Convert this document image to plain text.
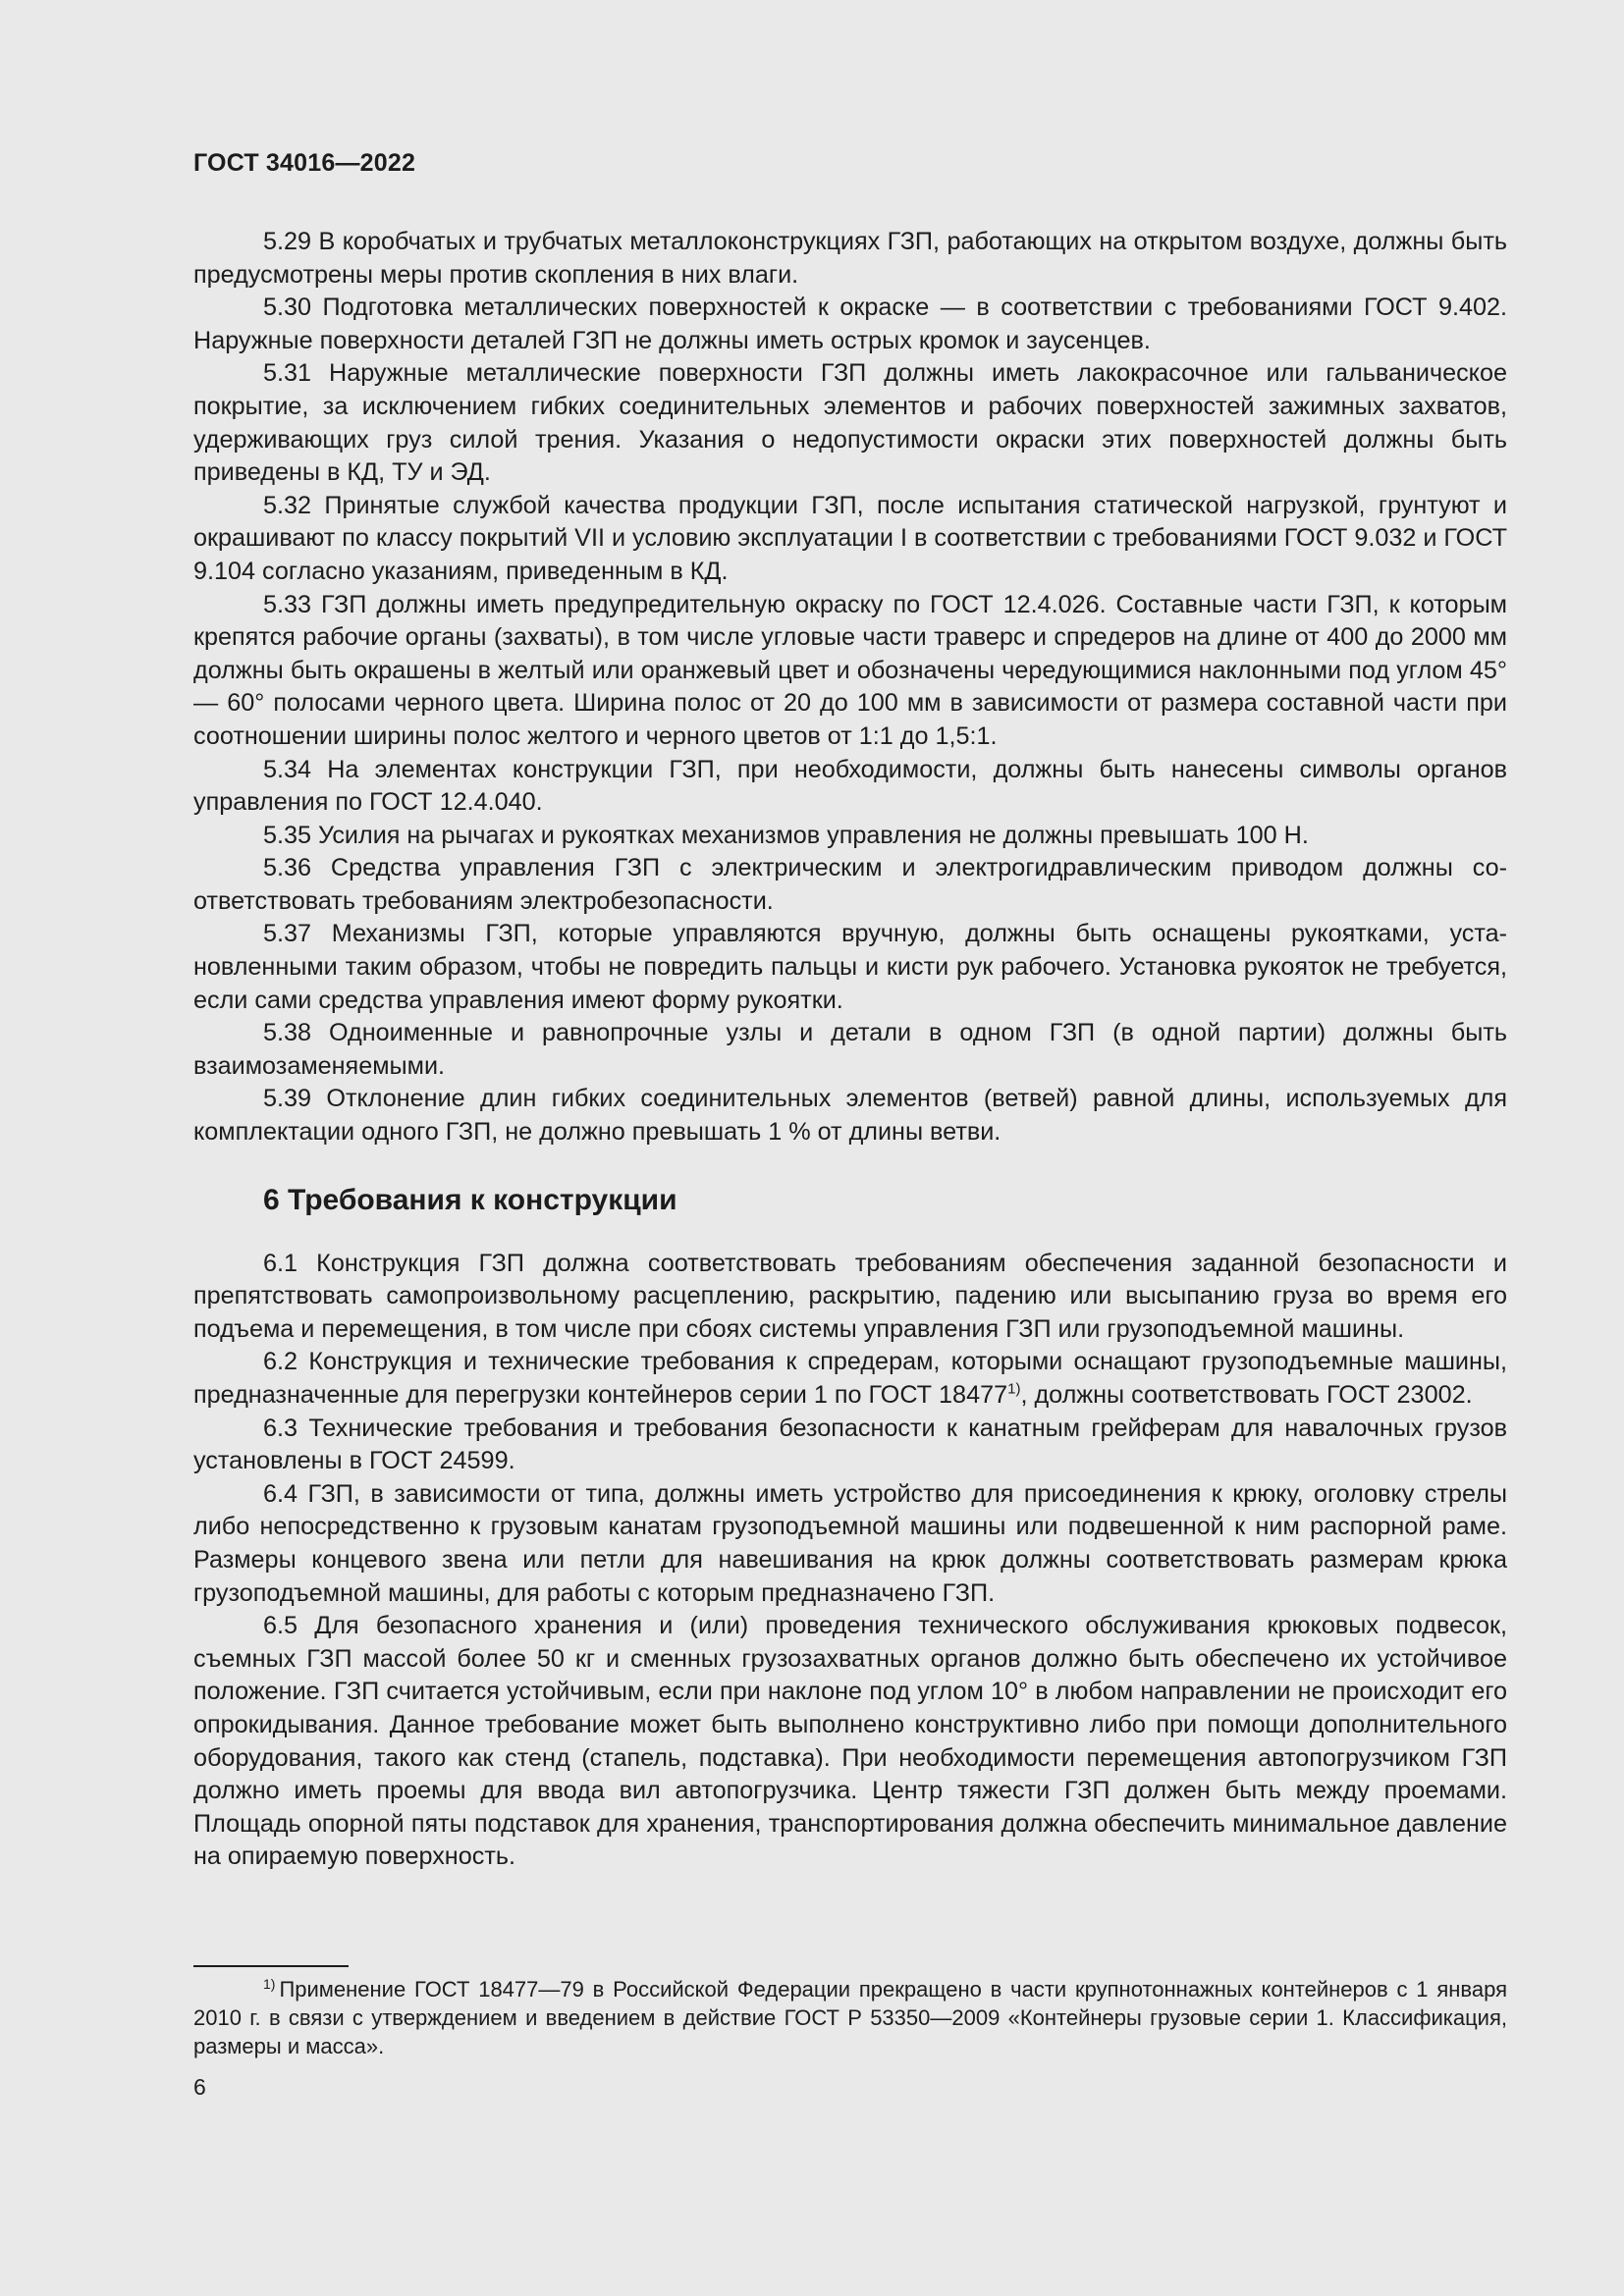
ГОСТ 34016—2022

5.29 В коробчатых и трубчатых металлоконструкциях ГЗП, работающих на открытом воздухе, должны быть предусмотрены меры против скопления в них влаги.

5.30 Подготовка металлических поверхностей к окраске — в соответствии с требованиями ГОСТ 9.402. Наружные поверхности деталей ГЗП не должны иметь острых кромок и заусенцев.

5.31 Наружные металлические поверхности ГЗП должны иметь лакокрасочное или гальваническое покрытие, за исключением гибких соединительных элементов и рабочих поверхностей зажимных захватов, удерживающих груз силой трения. Указания о недопустимости окраски этих поверхностей должны быть приведены в КД, ТУ и ЭД.

5.32 Принятые службой качества продукции ГЗП, после испытания статической нагрузкой, грунтуют и окрашивают по классу покрытий VII и условию эксплуатации I в соответствии с требованиями ГОСТ 9.032 и ГОСТ 9.104 согласно указаниям, приведенным в КД.

5.33 ГЗП должны иметь предупредительную окраску по ГОСТ 12.4.026. Составные части ГЗП, к которым крепятся рабочие органы (захваты), в том числе угловые части траверс и спредеров на длине от 400 до 2000 мм должны быть окрашены в желтый или оранжевый цвет и обозначены чередующимися наклонными под углом 45°— 60° полосами черного цвета. Ширина полос от 20 до 100 мм в зависимости от размера составной части при соотношении ширины полос желтого и черного цветов от 1:1 до 1,5:1.

5.34 На элементах конструкции ГЗП, при необходимости, должны быть нанесены символы органов управления по ГОСТ 12.4.040.

5.35 Усилия на рычагах и рукоятках механизмов управления не должны превышать 100 Н.

5.36 Средства управления ГЗП с электрическим и электрогидравлическим приводом должны соответствовать требованиям электробезопасности.

5.37 Механизмы ГЗП, которые управляются вручную, должны быть оснащены рукоятками, установленными таким образом, чтобы не повредить пальцы и кисти рук рабочего. Установка рукояток не требуется, если сами средства управления имеют форму рукоятки.

5.38 Одноименные и равнопрочные узлы и детали в одном ГЗП (в одной партии) должны быть взаимозаменяемыми.

5.39 Отклонение длин гибких соединительных элементов (ветвей) равной длины, используемых для комплектации одного ГЗП, не должно превышать 1 % от длины ветви.

6 Требования к конструкции

6.1 Конструкция ГЗП должна соответствовать требованиям обеспечения заданной безопасности и препятствовать самопроизвольному расцеплению, раскрытию, падению или высыпанию груза во время его подъема и перемещения, в том числе при сбоях системы управления ГЗП или грузоподъемной машины.

6.2 Конструкция и технические требования к спредерам, которыми оснащают грузоподъемные машины, предназначенные для перегрузки контейнеров серии 1 по ГОСТ 18477$^{1)}$, должны соответствовать ГОСТ 23002.

6.3 Технические требования и требования безопасности к канатным грейферам для навалочных грузов установлены в ГОСТ 24599.

6.4 ГЗП, в зависимости от типа, должны иметь устройство для присоединения к крюку, оголовку стрелы либо непосредственно к грузовым канатам грузоподъемной машины или подвешенной к ним распорной раме. Размеры концевого звена или петли для навешивания на крюк должны соответствовать размерам крюка грузоподъемной машины, для работы с которым предназначено ГЗП.

6.5 Для безопасного хранения и (или) проведения технического обслуживания крюковых подвесок, съемных ГЗП массой более 50 кг и сменных грузозахватных органов должно быть обеспечено их устойчивое положение. ГЗП считается устойчивым, если при наклоне под углом 10° в любом направлении не происходит его опрокидывания. Данное требование может быть выполнено конструктивно либо при помощи дополнительного оборудования, такого как стенд (стапель, подставка). При необходимости перемещения автопогрузчиком ГЗП должно иметь проемы для ввода вил автопогрузчика. Центр тяжести ГЗП должен быть между проемами. Площадь опорной пяты подставок для хранения, транспортирования должна обеспечить минимальное давление на опираемую поверхность.

$^{1)}$ Применение ГОСТ 18477—79 в Российской Федерации прекращено в части крупнотоннажных контейнеров с 1 января 2010 г. в связи с утверждением и введением в действие ГОСТ Р 53350—2009 «Контейнеры грузовые серии 1. Классификация, размеры и масса».
6
